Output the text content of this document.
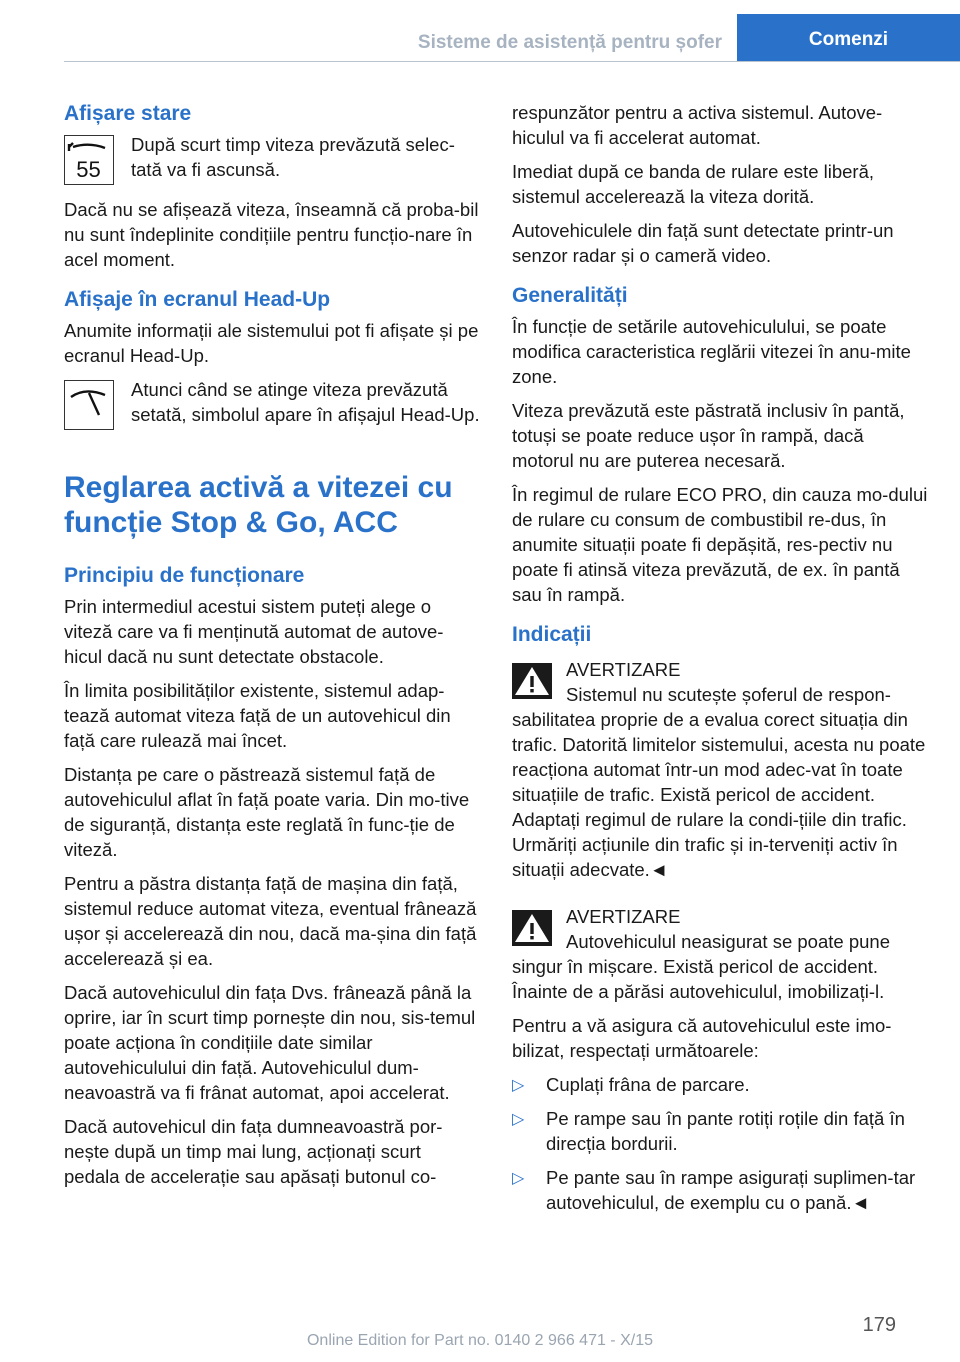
Sisteme de asistență pentru șofer	Comenzi
Afișare stare
55
După scurt timp viteza prevăzută selec-tată va fi ascunsă.

Dacă nu se afișează viteza, înseamnă că proba-bil nu sunt îndeplinite condițiile pentru funcțio-nare în acel moment.

Afișaje în ecranul Head-Up

Anumite informații ale sistemului pot fi afișate și pe ecranul Head-Up.

Atunci când se atinge viteza prevăzută setată, simbolul apare în afișajul Head-Up.
Reglarea activă a vitezei cu funcție Stop & Go, ACC
Principiu de funcționare

Prin intermediul acestui sistem puteți alege o viteză care va fi menținută automat de autove-hicul dacă nu sunt detectate obstacole.

În limita posibilităților existente, sistemul adap-tează automat viteza față de un autovehicul din față care rulează mai încet.

Distanța pe care o păstrează sistemul față de autovehiculul aflat în față poate varia. Din mo-tive de siguranță, distanța este reglată în func-ție de viteză.

Pentru a păstra distanța față de mașina din față, sistemul reduce automat viteza, eventual frânează ușor și accelerează din nou, dacă ma-șina din față accelerează și ea.

Dacă autovehiculul din fața Dvs. frânează până la oprire, iar în scurt timp pornește din nou, sis-temul poate acționa în condițiile date similar autovehiculului din față. Autovehiculul dum-neavoastră va fi frânat automat, apoi accelerat.

Dacă autovehicul din fața dumneavoastră por-nește după un timp mai lung, acționați scurt pedala de accelerație sau apăsați butonul co-

respunzător pentru a activa sistemul. Autove-hiculul va fi accelerat automat.

Imediat după ce banda de rulare este liberă, sistemul accelerează la viteza dorită.

Autovehiculele din față sunt detectate printr-un senzor radar și o cameră video.

Generalități

În funcție de setările autovehiculului, se poate modifica caracteristica reglării vitezei în anu-mite zone.

Viteza prevăzută este păstrată inclusiv în pantă, totuși se poate reduce ușor în rampă, dacă motorul nu are puterea necesară.

În regimul de rulare ECO PRO, din cauza mo-dului de rulare cu consum de combustibil re-dus, în anumite situații poate fi depășită, res-pectiv nu poate fi atinsă viteza prevăzută, de ex. în pantă sau în rampă.

Indicații
AVERTIZARE
Sistemul nu scutește șoferul de respon-

sabilitatea proprie de a evalua corect situația din trafic. Datorită limitelor sistemului, acesta nu poate reacționa automat într-un mod adec-vat în toate situațiile de trafic. Există pericol de accident. Adaptați regimul de rulare la condi-țiile din trafic. Urmăriți acțiunile din trafic și in-terveniți activ în situații adecvate.◄

AVERTIZARE
Autovehiculul neasigurat se poate pune

singur în mișcare. Există pericol de accident. Înainte de a părăsi autovehiculul, imobilizați-l.

Pentru a vă asigura că autovehiculul este imo-bilizat, respectați următoarele:

▷ Cuplați frâna de parcare.
▷ Pe rampe sau în pante rotiți roțile din față în direcția bordurii.
▷ Pe pante sau în rampe asigurați suplimen-tar autovehiculul, de exemplu cu o pană.◄
179
Online Edition for Part no. 0140 2 966 471 - X/15
